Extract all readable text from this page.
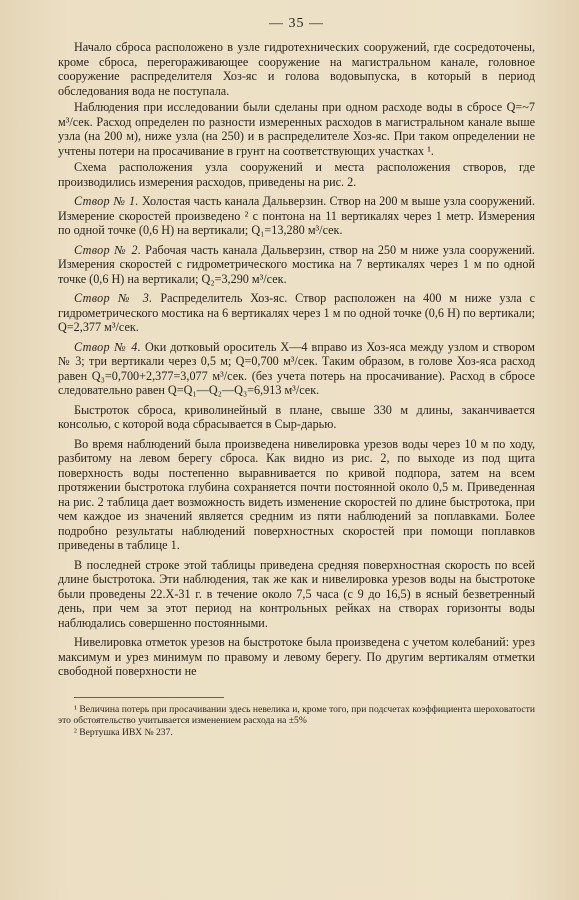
— 35 —

Начало сброса расположено в узле гидротехнических сооружений, где сосредоточены, кроме сброса, перегораживающее сооружение на магистральном канале, головное сооружение распределителя Хоз-яс и голова водовыпуска, в который в период обследования вода не поступала.

Наблюдения при исследовании были сделаны при одном расходе воды в сбросе Q=~7 м³/сек. Расход определен по разности измеренных расходов в магистральном канале выше узла (на 200 м), ниже узла (на 250) и в распределителе Хоз-яс. При таком определении не учтены потери на просачивание в грунт на соответствующих участках ¹.

Схема расположения узла сооружений и места расположения створов, где производились измерения расходов, приведены на рис. 2.

Створ № 1. Холостая часть канала Дальверзин. Створ на 200 м выше узла сооружений. Измерение скоростей произведено ² с понтона на 11 вертикалях через 1 метр. Измерения по одной точке (0,6 H) на вертикали; Q₁=13,280 м³/сек.

Створ № 2. Рабочая часть канала Дальверзин, створ на 250 м ниже узла сооружений. Измерения скоростей с гидрометрического мостика на 7 вертикалях через 1 м по одной точке (0,6 H) на вертикали; Q₂=3,290 м³/сек.

Створ № 3. Распределитель Хоз-яс. Створ расположен на 400 м ниже узла с гидрометрического мостика на 6 вертикалях через 1 м по одной точке (0,6 H) по вертикали; Q=2,377 м³/сек.

Створ № 4. Оки дотковый ороситель X—4 вправо из Хоз-яса между узлом и створом № 3; три вертикали через 0,5 м; Q=0,700 м³/сек. Таким образом, в голове Хоз-яса расход равен Q₃=0,700+2,377=3,077 м³/сек. (без учета потерь на просачивание). Расход в сбросе следовательно равен Q=Q₁—Q₂—Q₃=6,913 м³/сек.

Быстроток сброса, криволинейный в плане, свыше 330 м длины, заканчивается консолью, с которой вода сбрасывается в Сыр-дарью.

Во время наблюдений была произведена нивелировка урезов воды через 10 м по ходу, разбитому на левом берегу сброса. Как видно из рис. 2, по выходе из под щита поверхность воды постепенно выравнивается по кривой подпора, затем на всем протяжении быстротока глубина сохраняется почти постоянной около 0,5 м. Приведенная на рис. 2 таблица дает возможность видеть изменение скоростей по длине быстротока, при чем каждое из значений является средним из пяти наблюдений за поплавками. Более подробно результаты наблюдений поверхностных скоростей при помощи поплавков приведены в таблице 1.

В последней строке этой таблицы приведена средняя поверхностная скорость по всей длине быстротока. Эти наблюдения, так же как и нивелировка урезов воды на быстротоке были проведены 22.X-31 г. в течение около 7,5 часа (с 9 до 16,5) в ясный безветренный день, при чем за этот период на контрольных рейках на створах горизонты воды наблюдались совершенно постоянными.

Нивелировка отметок урезов на быстротоке была произведена с учетом колебаний: урез максимум и урез минимум по правому и левому берегу. По другим вертикалям отметки свободной поверхности не

¹ Величина потерь при просачивании здесь невелика и, кроме того, при подсчетах коэффициента шероховатости это обстоятельство учитывается изменением расхода на ±5%

² Вертушка ИВХ № 237.
